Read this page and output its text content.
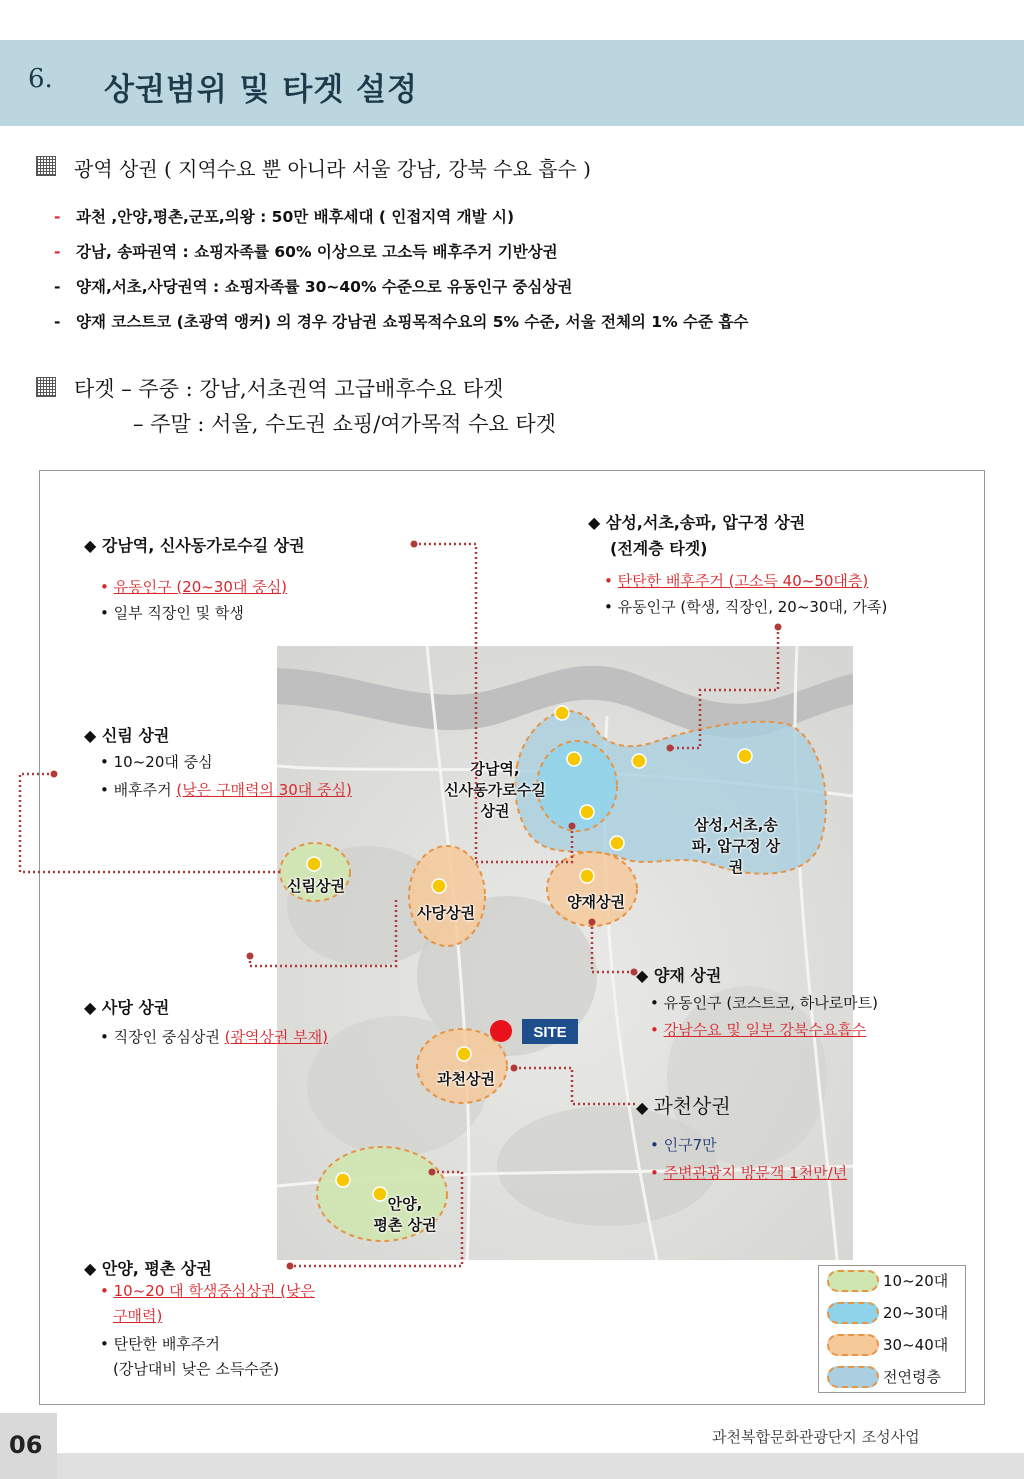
6. 상권범위 및 타겟 설정
광역 상권 ( 지역수요 뿐 아니라 서울 강남, 강북 수요 흡수 )
- 과천 ,안양,평촌,군포,의왕 : 50만 배후세대 ( 인접지역 개발 시)
- 강남, 송파권역 : 쇼핑자족률 60% 이상으로 고소득 배후주거 기반상권
- 양재,서초,사당권역 : 쇼핑자족률 30~40% 수준으로 유동인구 중심상권
- 양재 코스트코 (초광역 앵커) 의 경우 강남권 쇼핑목적수요의 5% 수준, 서울 전체의 1% 수준 흡수
타겟 – 주중 : 강남,서초권역 고급배후수요 타겟
– 주말 : 서울, 수도권 쇼핑/여가목적 수요 타겟
SITE
강남역,
신사동가로수길
상권
삼성,서초,송
파, 압구정 상
권
신림상권
사당상권
양재상권
과천상권
안양,
평촌 상권
◆ 강남역, 신사동가로수길 상권
• 유동인구 (20~30대 중심)
• 일부 직장인 및 학생
◆ 삼성,서초,송파, 압구정 상권
(전계층 타겟)
• 탄탄한 배후주거 (고소득 40~50대층)
• 유동인구 (학생, 직장인, 20~30대, 가족)
◆ 신림 상권
• 10~20대 중심
• 배후주거 (낮은 구매력의 30대 중심)
◆ 양재 상권
• 유동인구 (코스트코, 하나로마트)
• 강남수요 및 일부 강북수요흡수
◆ 사당 상권
• 직장인 중심상권 (광역상권 부재)
◆ 과천상권
• 인구7만
• 주변관광지 방문객 1천만/년
◆ 안양, 평촌 상권
• 10~20 대 학생중심상권 (낮은
구매력)
• 탄탄한 배후주거
(강남대비 낮은 소득수준)
10~20대
20~30대
30~40대
전연령층
06	과천복합문화관광단지 조성사업
